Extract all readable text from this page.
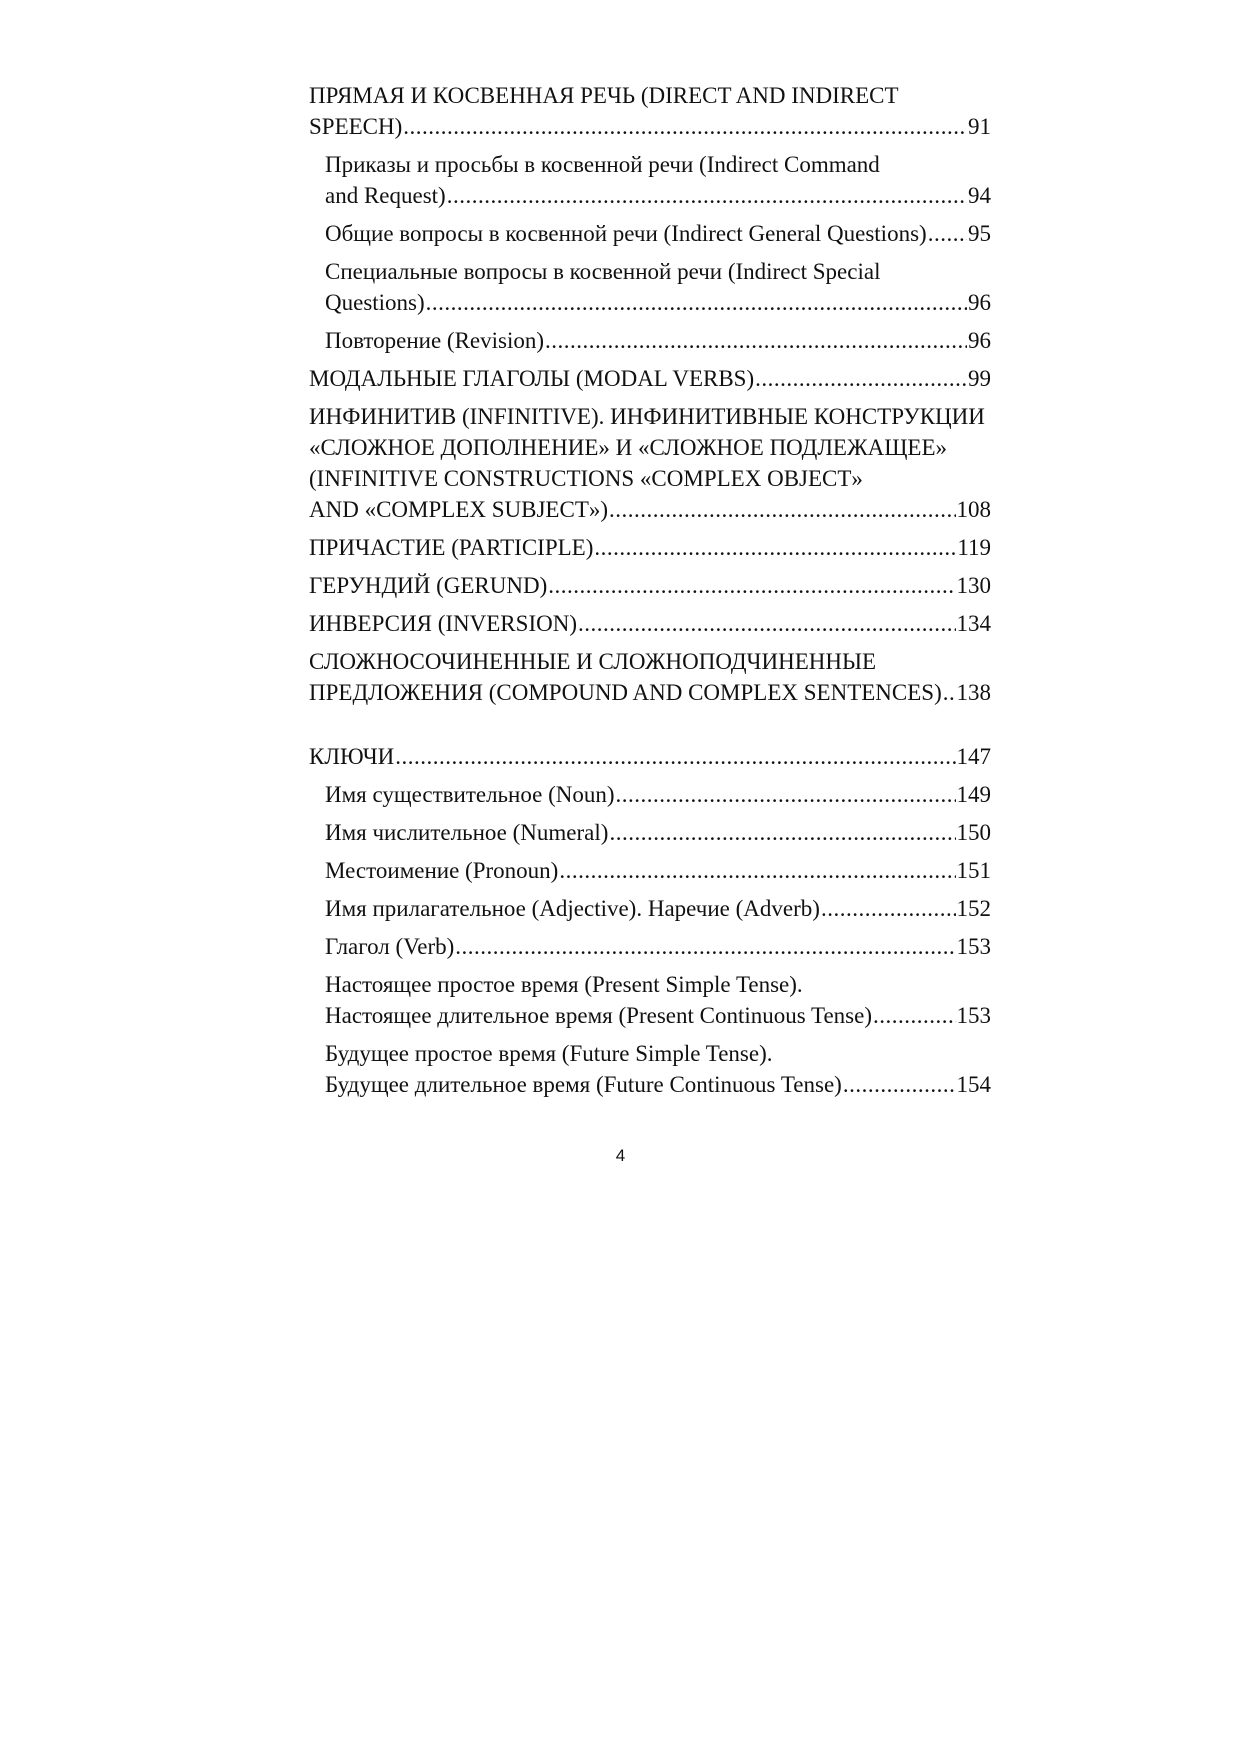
ПРЯМАЯ И КОСВЕННАЯ РЕЧЬ (DIRECT AND INDIRECT
SPEECH) .....	91
Приказы и просьбы в косвенной речи (Indirect Command
and Request) .....	94
Общие вопросы в косвенной речи (Indirect General Questions) ..... 95
Специальные вопросы в косвенной речи (Indirect Special
Questions) .....	96
Повторение (Revision) .....	96
МОДАЛЬНЫЕ ГЛАГОЛЫ (MODAL VERBS) .....	99
ИНФИНИТИВ (INFINITIVE). ИНФИНИТИВНЫЕ КОНСТРУКЦИИ
«СЛОЖНОЕ ДОПОЛНЕНИЕ» И «СЛОЖНОЕ ПОДЛЕЖАЩЕЕ»
(INFINITIVE CONSTRUCTIONS «COMPLEX OBJECT»
AND «COMPLEX SUBJECT») .....	108
ПРИЧАСТИЕ (PARTICIPLE) .....	119
ГЕРУНДИЙ (GERUND) .....	130
ИНВЕРСИЯ (INVERSION) .....	134
СЛОЖНОСОЧИНЕННЫЕ И СЛОЖНОПОДЧИНЕННЫЕ
ПРЕДЛОЖЕНИЯ (COMPOUND AND COMPLEX SENTENCES) ..... 138
КЛЮЧИ .....	147
Имя существительное (Noun) .....	149
Имя числительное (Numeral) .....	150
Местоимение (Pronoun) .....	151
Имя прилагательное (Adjective). Наречие (Adverb) .....	152
Глагол (Verb) .....	153
Настоящее простое время (Present Simple Tense).
Настоящее длительное время (Present Continuous Tense) .....	153
Будущее простое время (Future Simple Tense).
Будущее длительное время (Future Continuous Tense) .....	154
4
